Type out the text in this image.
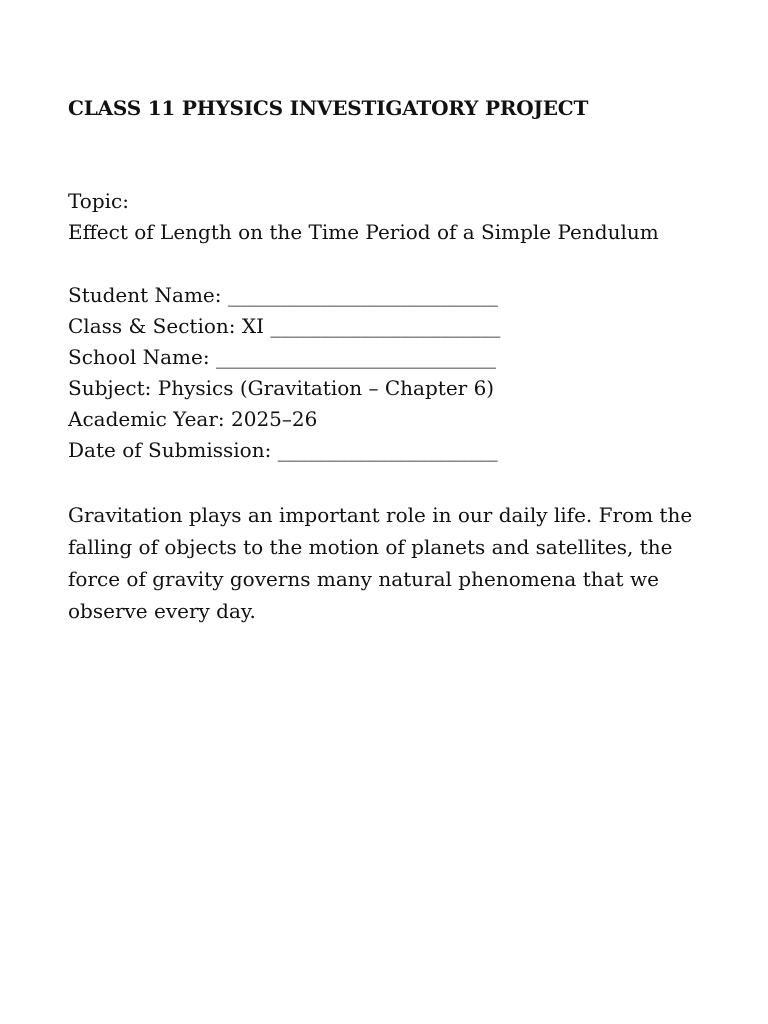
CLASS 11 PHYSICS INVESTIGATORY PROJECT
Topic:
Effect of Length on the Time Period of a Simple Pendulum
Student Name: ___________________________
Class & Section: XI _______________________
School Name: ____________________________
Subject: Physics (Gravitation – Chapter 6)
Academic Year: 2025–26
Date of Submission: ______________________

Gravitation plays an important role in our daily life. From the falling of objects to the motion of planets and satellites, the force of gravity governs many natural phenomena that we observe every day.
